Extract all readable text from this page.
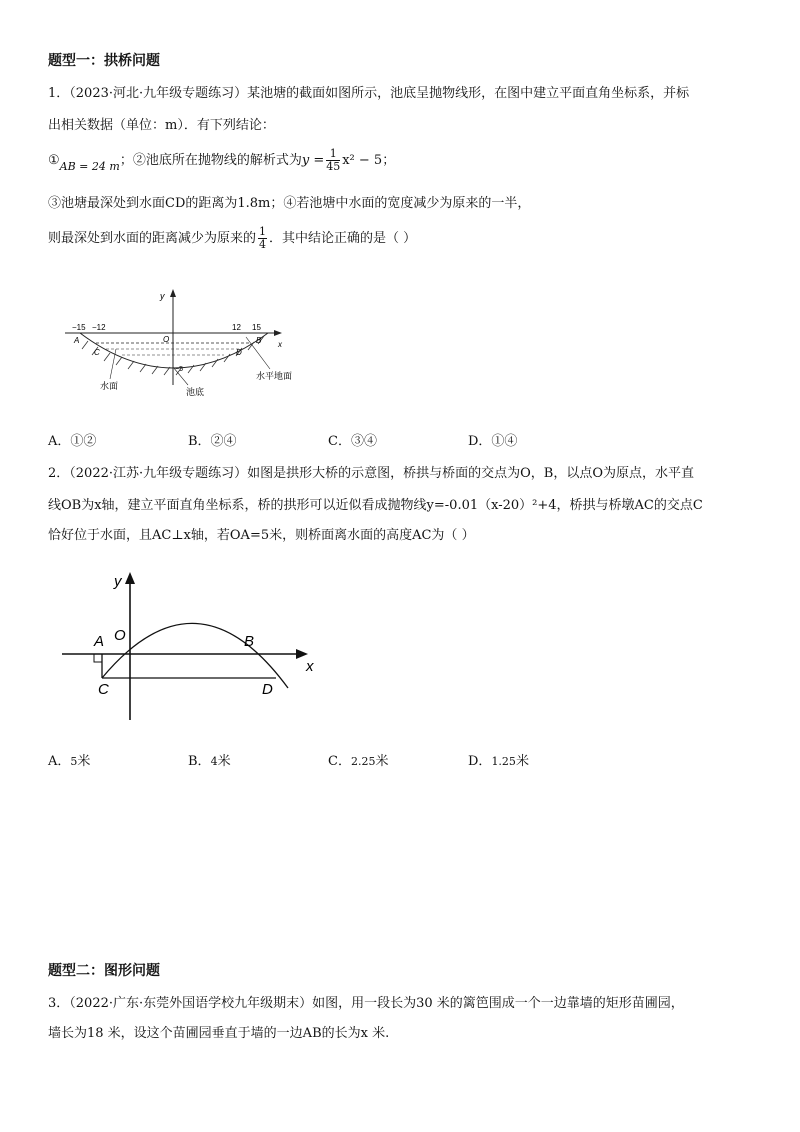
题型一：拱桥问题
1．（2023·河北·九年级专题练习）某池塘的截面如图所示，池底呈抛物线形，在图中建立平面直角坐标系，并标
出相关数据（单位：m）．有下列结论：
$①_{AB = 24 m}$；②池底所在抛物线的解析式为$y = \frac{1}{45} x^2 - 5$；
③池塘最深处到水面CD的距离为1.8m；④若池塘中水面的宽度减少为原来的一半，
则最深处到水面的距离减少为原来的 $\frac{1}{4}$ ．其中结论正确的是（ ）
y
x
−15 −12	12 15
A	B
C	D
O
−5
水面
池底
水平地面
A．①②	B．②④	C．③④	D．①④
2．（2022·江苏·九年级专题练习）如图是拱形大桥的示意图，桥拱与桥面的交点为O，B，以点O为原点，水平直
线OB为x轴，建立平面直角坐标系，桥的拱形可以近似看成抛物线y=-0.01（x-20）²+4，桥拱与桥墩AC的交点C
恰好位于水面，且AC⊥x轴，若OA=5米，则桥面离水面的高度AC为（ ）
y
x
A O	B
C	D
A．5米	B．4米	C．2.25米	D．1.25米
题型二：图形问题
3．（2022·广东·东莞外国语学校九年级期末）如图，用一段长为30 米的篱笆围成一个一边靠墙的矩形苗圃园，
墙长为18 米，设这个苗圃园垂直于墙的一边AB的长为x 米.
